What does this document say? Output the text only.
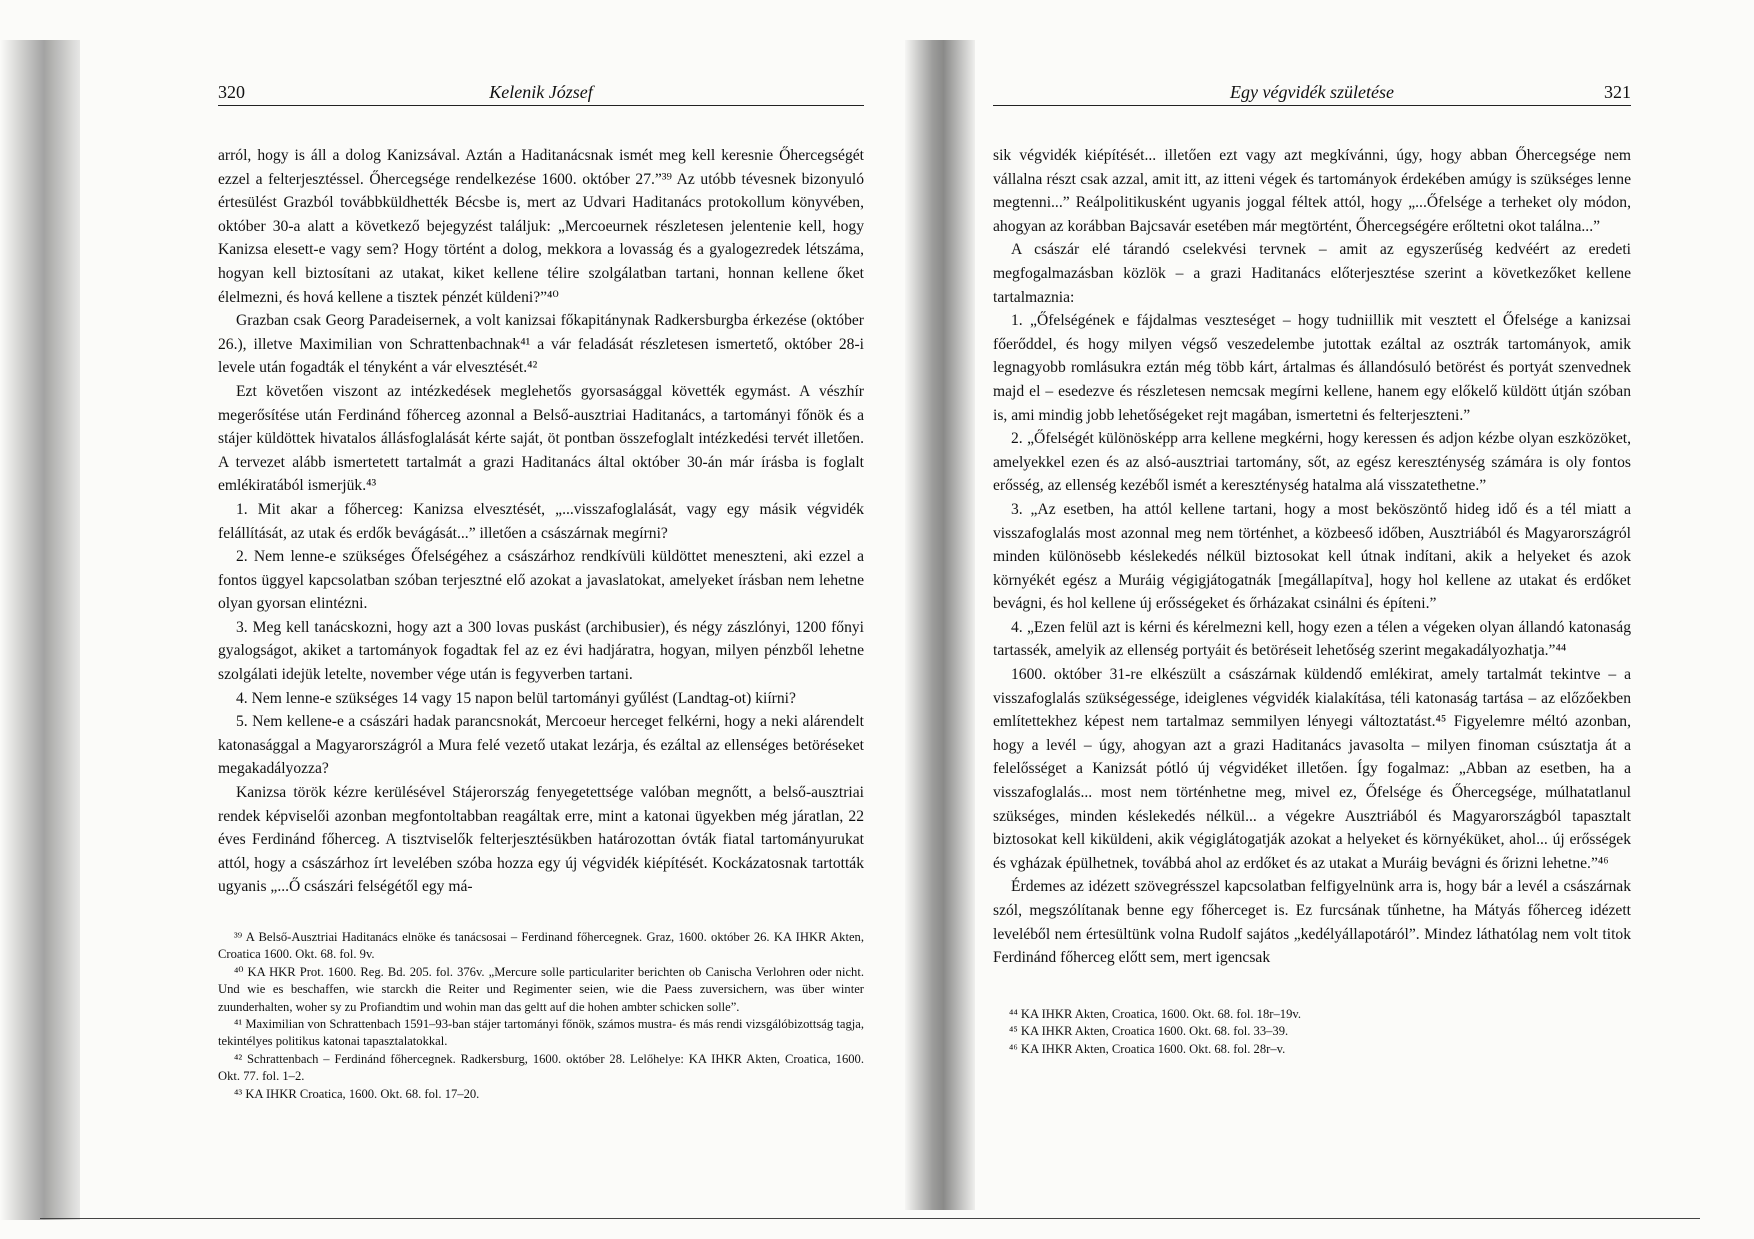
320	Kelenik József

arról, hogy is áll a dolog Kanizsával. Aztán a Haditanácsnak ismét meg kell keresnie Őhercegségét ezzel a felterjesztéssel. Őhercegsége rendelkezése 1600. október 27.”³⁹ Az utóbb tévesnek bizonyuló értesülést Grazból továbbküldhették Bécsbe is, mert az Udvari Haditanács protokollum könyvében, október 30-a alatt a következő bejegyzést találjuk: „Mercoeurnek részletesen jelentenie kell, hogy Kanizsa elesett-e vagy sem? Hogy történt a dolog, mekkora a lovasság és a gyalogezredek létszáma, hogyan kell biztosítani az utakat, kiket kellene télire szolgálatban tartani, honnan kellene őket élelmezni, és hová kellene a tisztek pénzét küldeni?”⁴⁰

Grazban csak Georg Paradeisernek, a volt kanizsai főkapitánynak Radkersburgba érkezése (október 26.), illetve Maximilian von Schrattenbachnak⁴¹ a vár feladását részletesen ismertető, október 28-i levele után fogadták el tényként a vár elvesztését.⁴²

Ezt követően viszont az intézkedések meglehetős gyorsasággal követték egymást. A vészhír megerősítése után Ferdinánd főherceg azonnal a Belső-ausztriai Haditanács, a tartományi főnök és a stájer küldöttek hivatalos állásfoglalását kérte saját, öt pontban összefoglalt intézkedési tervét illetően. A tervezet alább ismertetett tartalmát a grazi Haditanács által október 30-án már írásba is foglalt emlékiratából ismerjük.⁴³

1. Mit akar a főherceg: Kanizsa elvesztését, „...visszafoglalását, vagy egy másik végvidék felállítását, az utak és erdők bevágását...” illetően a császárnak megírni?

2. Nem lenne-e szükséges Őfelségéhez a császárhoz rendkívüli küldöttet meneszteni, aki ezzel a fontos üggyel kapcsolatban szóban terjesztné elő azokat a javaslatokat, amelyeket írásban nem lehetne olyan gyorsan elintézni.

3. Meg kell tanácskozni, hogy azt a 300 lovas puskást (archibusier), és négy zászlónyi, 1200 főnyi gyalogságot, akiket a tartományok fogadtak fel az ez évi hadjáratra, hogyan, milyen pénzből lehetne szolgálati idejük letelte, november vége után is fegyverben tartani.

4. Nem lenne-e szükséges 14 vagy 15 napon belül tartományi gyűlést (Landtag-ot) kiírni?

5. Nem kellene-e a császári hadak parancsnokát, Mercoeur herceget felkérni, hogy a neki alárendelt katonasággal a Magyarországról a Mura felé vezető utakat lezárja, és ezáltal az ellenséges betöréseket megakadályozza?

Kanizsa török kézre kerülésével Stájerország fenyegetettsége valóban megnőtt, a belső-ausztriai rendek képviselői azonban megfontoltabban reagáltak erre, mint a katonai ügyekben még járatlan, 22 éves Ferdinánd főherceg. A tisztviselők felterjesztésükben határozottan óvták fiatal tartományurukat attól, hogy a császárhoz írt levelében szóba hozza egy új végvidék kiépítését. Kockázatosnak tartották ugyanis „...Ő császári felségétől egy má-

³⁹ A Belső-Ausztriai Haditanács elnöke és tanácsosai – Ferdinand főhercegnek. Graz, 1600. október 26. KA IHKR Akten, Croatica 1600. Okt. 68. fol. 9v.

⁴⁰ KA HKR Prot. 1600. Reg. Bd. 205. fol. 376v. „Mercure solle particulariter berichten ob Canischa Verlohren oder nicht. Und wie es beschaffen, wie starckh die Reiter und Regimenter seien, wie die Paess zuversichern, was über winter zuunderhalten, woher sy zu Profiandtim und wohin man das geltt auf die hohen ambter schicken solle”.

⁴¹ Maximilian von Schrattenbach 1591–93-ban stájer tartományi főnök, számos mustra- és más rendi vizsgálóbizottság tagja, tekintélyes politikus katonai tapasztalatokkal.

⁴² Schrattenbach – Ferdinánd főhercegnek. Radkersburg, 1600. október 28. Lelőhelye: KA IHKR Akten, Croatica, 1600. Okt. 77. fol. 1–2.

⁴³ KA IHKR Croatica, 1600. Okt. 68. fol. 17–20.

Egy végvidék születése	321

sik végvidék kiépítését... illetően ezt vagy azt megkívánni, úgy, hogy abban Őhercegsége nem vállalna részt csak azzal, amit itt, az itteni végek és tartományok érdekében amúgy is szükséges lenne megtenni...” Reálpolitikusként ugyanis joggal féltek attól, hogy „...Őfelsége a terheket oly módon, ahogyan az korábban Bajcsavár esetében már megtörtént, Őhercegségére erőltetni okot találna...”

A császár elé tárandó cselekvési tervnek – amit az egyszerűség kedvéért az eredeti megfogalmazásban közlök – a grazi Haditanács előterjesztése szerint a következőket kellene tartalmaznia:

1. „Őfelségének e fájdalmas veszteséget – hogy tudniillik mit vesztett el Őfelsége a kanizsai főerőddel, és hogy milyen végső veszedelembe jutottak ezáltal az osztrák tartományok, amik legnagyobb romlásukra eztán még több kárt, ártalmas és állandósuló betörést és portyát szenvednek majd el – esedezve és részletesen nemcsak megírni kellene, hanem egy előkelő küldött útján szóban is, ami mindig jobb lehetőségeket rejt magában, ismertetni és felterjeszteni.”

2. „Őfelségét különösképp arra kellene megkérni, hogy keressen és adjon kézbe olyan eszközöket, amelyekkel ezen és az alsó-ausztriai tartomány, sőt, az egész kereszténység számára is oly fontos erősség, az ellenség kezéből ismét a kereszténység hatalma alá visszatethetne.”

3. „Az esetben, ha attól kellene tartani, hogy a most beköszöntő hideg idő és a tél miatt a visszafoglalás most azonnal meg nem történhet, a közbeeső időben, Ausztriából és Magyarországról minden különösebb késlekedés nélkül biztosokat kell útnak indítani, akik a helyeket és azok környékét egész a Muráig végigjátogatnák [megállapítva], hogy hol kellene az utakat és erdőket bevágni, és hol kellene új erősségeket és őrházakat csinálni és építeni.”

4. „Ezen felül azt is kérni és kérelmezni kell, hogy ezen a télen a végeken olyan állandó katonaság tartassék, amelyik az ellenség portyáit és betöréseit lehetőség szerint megakadályozhatja.”⁴⁴

1600. október 31-re elkészült a császárnak küldendő emlékirat, amely tartalmát tekintve – a visszafoglalás szükségessége, ideiglenes végvidék kialakítása, téli katonaság tartása – az előzőekben említettekhez képest nem tartalmaz semmilyen lényegi változtatást.⁴⁵ Figyelemre méltó azonban, hogy a levél – úgy, ahogyan azt a grazi Haditanács javasolta – milyen finoman csúsztatja át a felelősséget a Kanizsát pótló új végvidéket illetően. Így fogalmaz: „Abban az esetben, ha a visszafoglalás... most nem történhetne meg, mivel ez, Őfelsége és Őhercegsége, múlhatatlanul szükséges, minden késlekedés nélkül... a végekre Ausztriából és Magyarországból tapasztalt biztosokat kell kiküldeni, akik végiglátogatják azokat a helyeket és környéküket, ahol... új erősségek és vgházak épülhetnek, továbbá ahol az erdőket és az utakat a Muráig bevágni és őrizni lehetne.”⁴⁶

Érdemes az idézett szövegrésszel kapcsolatban felfigyelnünk arra is, hogy bár a levél a császárnak szól, megszólítanak benne egy főherceget is. Ez furcsának tűnhetne, ha Mátyás főherceg idézett leveléből nem értesültünk volna Rudolf sajátos „kedélyállapotáról”. Mindez láthatólag nem volt titok Ferdinánd főherceg előtt sem, mert igencsak

⁴⁴ KA IHKR Akten, Croatica, 1600. Okt. 68. fol. 18r–19v.

⁴⁵ KA IHKR Akten, Croatica 1600. Okt. 68. fol. 33–39.

⁴⁶ KA IHKR Akten, Croatica 1600. Okt. 68. fol. 28r–v.
